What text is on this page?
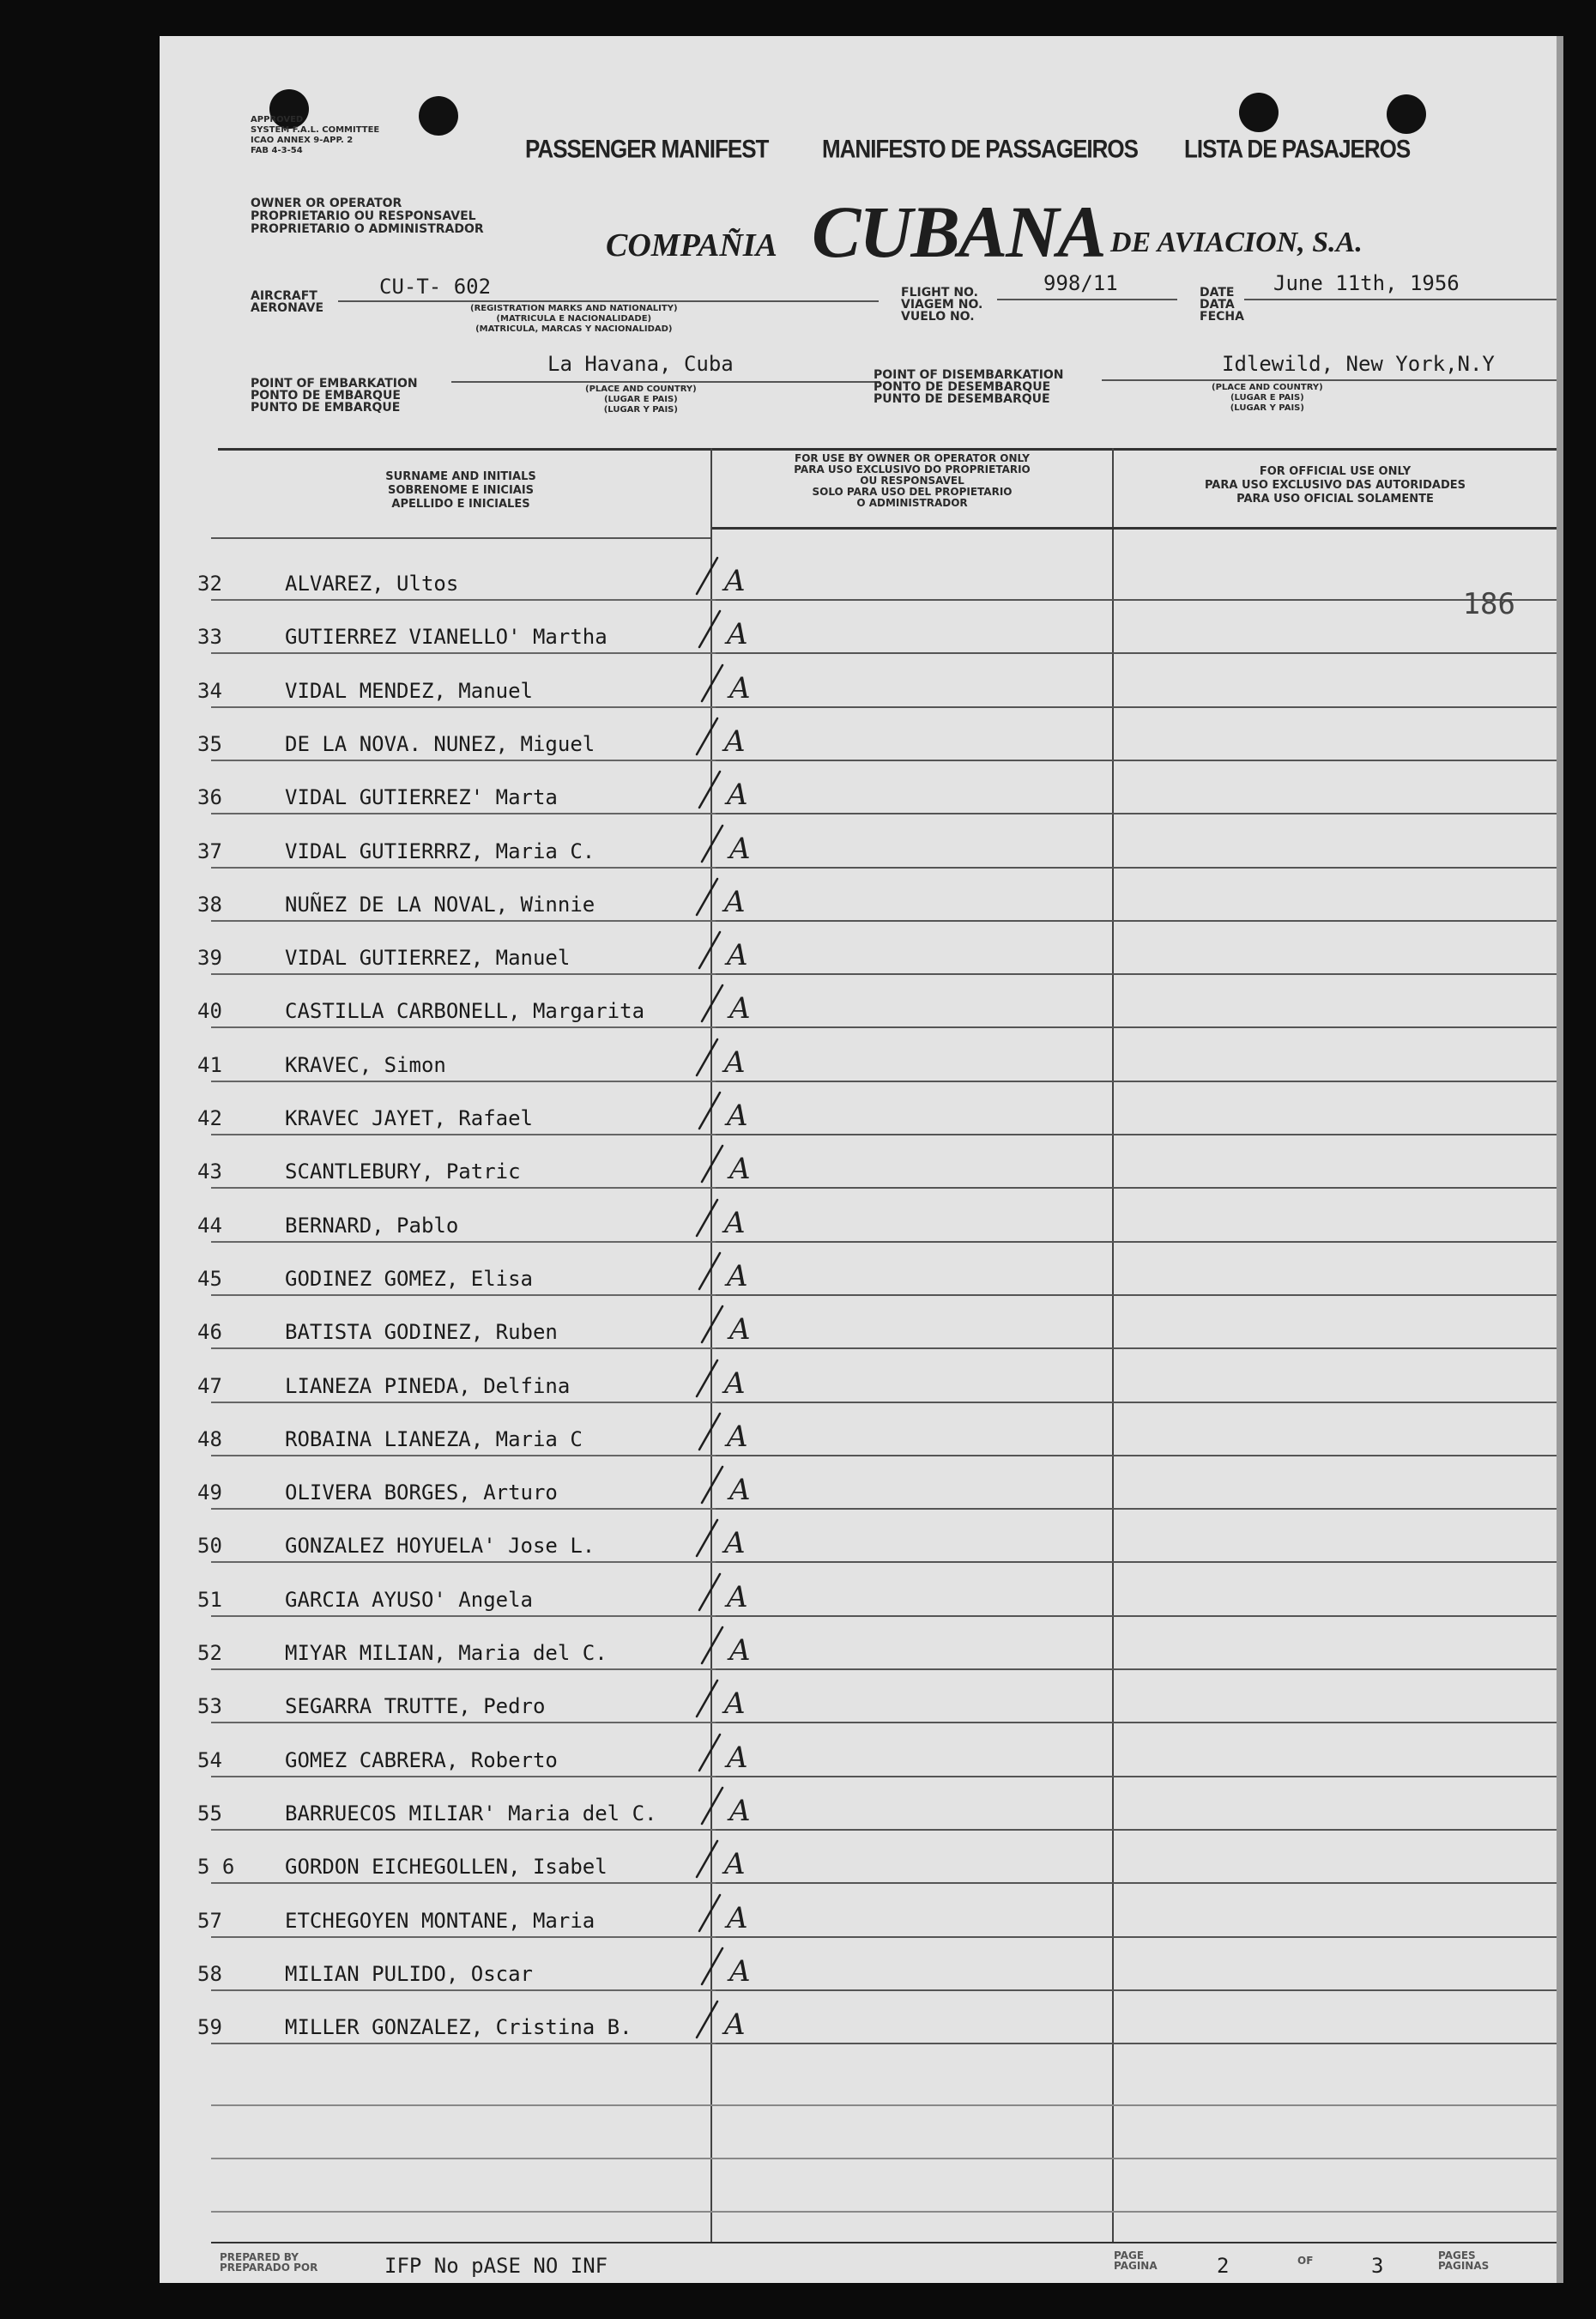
APPROVED
SYSTEM F.A.L. COMMITTEE
ICAO ANNEX 9-APP. 2
FAB 4-3-54	PASSENGER MANIFEST MANIFESTO DE PASSAGEIROS LISTA DE PASAJEROS
OWNER OR OPERATOR
PROPRIETARIO OU RESPONSAVEL
PROPRIETARIO O ADMINISTRADOR	COMPAÑIA CUBANA DE AVIACION, S.A.
AIRCRAFT
AERONAVE
CU-T- 602
(REGISTRATION MARKS AND NATIONALITY)
(MATRICULA E NACIONALIDADE)
(MATRICULA, MARCAS Y NACIONALIDAD)
FLIGHT NO.
VIAGEM NO.
VUELO NO.
998/11	DATE
DATA
FECHA
June 11th, 1956
POINT OF EMBARKATION
PONTO DE EMBARQUE
PUNTO DE EMBARQUE
La Havana, Cuba
(PLACE AND COUNTRY)
(LUGAR E PAIS)
(LUGAR Y PAIS)
POINT OF DISEMBARKATION
PONTO DE DESEMBARQUE
PUNTO DE DESEMBARQUE
Idlewild, New York,N.Y
(PLACE AND COUNTRY)
(LUGAR E PAIS)
(LUGAR Y PAIS)
SURNAME AND INITIALS
SOBRENOME E INICIAIS
APELLIDO E INICIALES
FOR USE BY OWNER OR OPERATOR ONLY
PARA USO EXCLUSIVO DO PROPRIETARIO
OU RESPONSAVEL
SOLO PARA USO DEL PROPIETARIO
O ADMINISTRADOR
FOR OFFICIAL USE ONLY
PARA USO EXCLUSIVO DAS AUTORIDADES
PARA USO OFICIAL SOLAMENTE
32	ALVAREZ, Ultos	A
33	GUTIERREZ VIANELLO' Martha	A
186
34	VIDAL MENDEZ, Manuel	A
35	DE LA NOVA. NUNEZ, Miguel	A
36	VIDAL GUTIERREZ' Marta	A
37	VIDAL GUTIERRRZ, Maria C.	A
38	NUÑEZ DE LA NOVAL, Winnie	A
39	VIDAL GUTIERREZ, Manuel	A
40	CASTILLA CARBONELL, Margarita	A
41	KRAVEC, Simon	A
42	KRAVEC JAYET, Rafael	A
43	SCANTLEBURY, Patric	A
44	BERNARD, Pablo	A
45	GODINEZ GOMEZ, Elisa	A
46	BATISTA GODINEZ, Ruben	A
47	LIANEZA PINEDA, Delfina	A
48	ROBAINA LIANEZA, Maria C	A
49	OLIVERA BORGES, Arturo	A
50	GONZALEZ HOYUELA' Jose L.	A
51	GARCIA AYUSO' Angela	A
52	MIYAR MILIAN, Maria del C.	A
53	SEGARRA TRUTTE, Pedro	A
54	GOMEZ CABRERA, Roberto	A
55	BARRUECOS MILIAR' Maria del C. A
5 6 GORDON EICHEGOLLEN, Isabel	A
57	ETCHEGOYEN MONTANE, Maria	A
58	MILIAN PULIDO, Oscar	A
59	MILLER GONZALEZ, Cristina B.	A
IFP No pASE NO INF
PREPARED BY
PREPARADO POR
PAGE
PAGINA	2	OF	3	PAGES
PAGINAS
